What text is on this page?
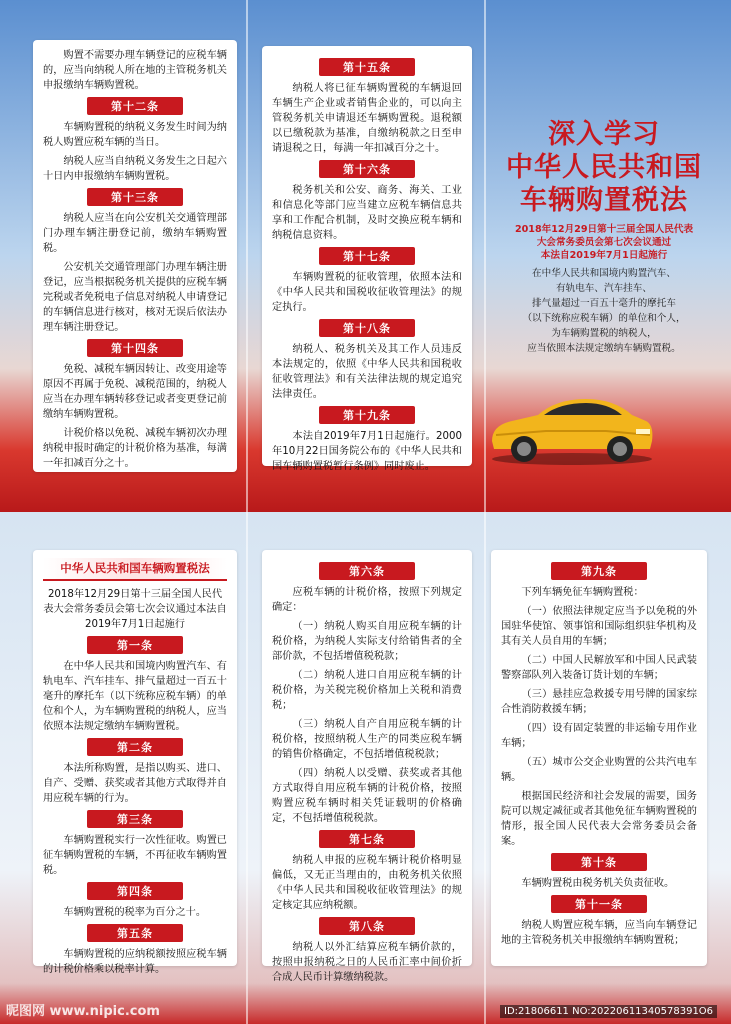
购置不需要办理车辆登记的应税车辆的，应当向纳税人所在地的主管税务机关申报缴纳车辆购置税。

第十二条

车辆购置税的纳税义务发生时间为纳税人购置应税车辆的当日。

纳税人应当自纳税义务发生之日起六十日内申报缴纳车辆购置税。

第十三条

纳税人应当在向公安机关交通管理部门办理车辆注册登记前，缴纳车辆购置税。

公安机关交通管理部门办理车辆注册登记，应当根据税务机关提供的应税车辆完税或者免税电子信息对纳税人申请登记的车辆信息进行核对，核对无误后依法办理车辆注册登记。

第十四条

免税、减税车辆因转让、改变用途等原因不再属于免税、减税范围的，纳税人应当在办理车辆转移登记或者变更登记前缴纳车辆购置税。

计税价格以免税、减税车辆初次办理纳税申报时确定的计税价格为基准，每满一年扣减百分之十。

第十五条

纳税人将已征车辆购置税的车辆退回车辆生产企业或者销售企业的，可以向主管税务机关申请退还车辆购置税。退税额以已缴税款为基准，自缴纳税款之日至申请退税之日，每满一年扣减百分之十。

第十六条

税务机关和公安、商务、海关、工业和信息化等部门应当建立应税车辆信息共享和工作配合机制，及时交换应税车辆和纳税信息资料。

第十七条

车辆购置税的征收管理，依照本法和《中华人民共和国税收征收管理法》的规定执行。

第十八条

纳税人、税务机关及其工作人员违反本法规定的，依照《中华人民共和国税收征收管理法》和有关法律法规的规定追究法律责任。

第十九条

本法自2019年7月1日起施行。2000年10月22日国务院公布的《中华人民共和国车辆购置税暂行条例》同时废止。

深入学习
中华人民共和国
车辆购置税法
2018年12月29日第十三届全国人民代表
大会常务委员会第七次会议通过
本法自2019年7月1日起施行
在中华人民共和国境内购置汽车、
有轨电车、汽车挂车、
排气量超过一百五十毫升的摩托车
（以下统称应税车辆）的单位和个人，
为车辆购置税的纳税人，
应当依照本法规定缴纳车辆购置税。
中华人民共和国车辆购置税法

2018年12月29日第十三届全国人民代表大会常务委员会第七次会议通过本法自2019年7月1日起施行

第一条

在中华人民共和国境内购置汽车、有轨电车、汽车挂车、排气量超过一百五十毫升的摩托车（以下统称应税车辆）的单位和个人，为车辆购置税的纳税人，应当依照本法规定缴纳车辆购置税。

第二条

本法所称购置，是指以购买、进口、自产、受赠、获奖或者其他方式取得并自用应税车辆的行为。

第三条

车辆购置税实行一次性征收。购置已征车辆购置税的车辆，不再征收车辆购置税。

第四条

车辆购置税的税率为百分之十。

第五条

车辆购置税的应纳税额按照应税车辆的计税价格乘以税率计算。

第六条

应税车辆的计税价格，按照下列规定确定：

（一）纳税人购买自用应税车辆的计税价格，为纳税人实际支付给销售者的全部价款，不包括增值税税款；

（二）纳税人进口自用应税车辆的计税价格，为关税完税价格加上关税和消费税；

（三）纳税人自产自用应税车辆的计税价格，按照纳税人生产的同类应税车辆的销售价格确定，不包括增值税税款；

（四）纳税人以受赠、获奖或者其他方式取得自用应税车辆的计税价格，按照购置应税车辆时相关凭证载明的价格确定，不包括增值税税款。

第七条

纳税人申报的应税车辆计税价格明显偏低，又无正当理由的，由税务机关依照《中华人民共和国税收征收管理法》的规定核定其应纳税额。

第八条

纳税人以外汇结算应税车辆价款的，按照申报纳税之日的人民币汇率中间价折合成人民币计算缴纳税款。

第九条

下列车辆免征车辆购置税：

（一）依照法律规定应当予以免税的外国驻华使馆、领事馆和国际组织驻华机构及其有关人员自用的车辆；

（二）中国人民解放军和中国人民武装警察部队列入装备订货计划的车辆；

（三）悬挂应急救援专用号牌的国家综合性消防救援车辆；

（四）设有固定装置的非运输专用作业车辆；

（五）城市公交企业购置的公共汽电车辆。

根据国民经济和社会发展的需要，国务院可以规定减征或者其他免征车辆购置税的情形，报全国人民代表大会常务委员会备案。

第十条

车辆购置税由税务机关负责征收。

第十一条

纳税人购置应税车辆，应当向车辆登记地的主管税务机关申报缴纳车辆购置税；

昵图网 www.nipic.com	ID:21806611 NO:20220611340578391O6
